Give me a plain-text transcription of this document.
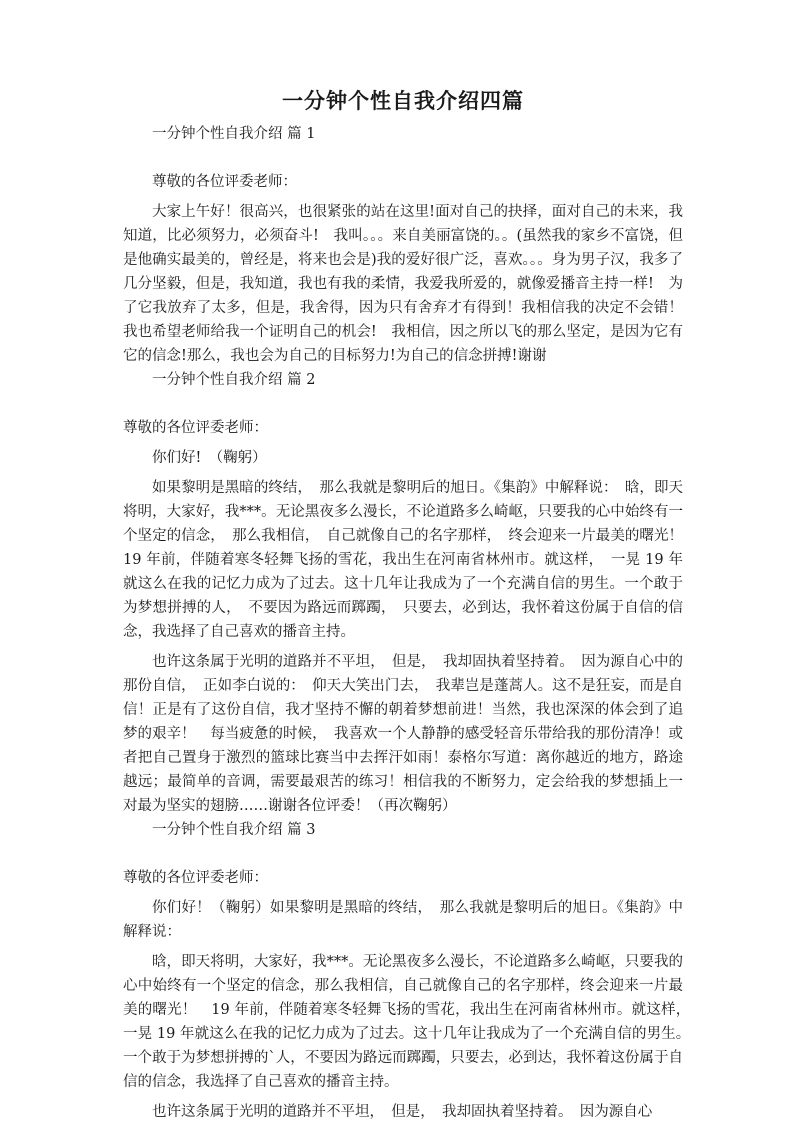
一分钟个性自我介绍四篇

一分钟个性自我介绍 篇 1

尊敬的各位评委老师：

大家上午好！很高兴，也很紧张的站在这里!面对自己的抉择，面对自己的未来，我知道，比必须努力，必须奋斗!　我叫。。。来自美丽富饶的。。(虽然我的家乡不富饶，但是他确实最美的，曾经是，将来也会是)我的爱好很广泛，喜欢。。。身为男子汉，我多了几分坚毅，但是，我知道，我也有我的柔情，我爱我所爱的，就像爱播音主持一样!　为了它我放弃了太多，但是，我舍得，因为只有舍弃才有得到！我相信我的决定不会错！我也希望老师给我一个证明自己的机会!　我相信，因之所以飞的那么坚定，是因为它有它的信念!那么，我也会为自己的目标努力!为自己的信念拼搏!谢谢

一分钟个性自我介绍 篇 2

尊敬的各位评委老师：

你们好!　（鞠躬）

如果黎明是黑暗的终结，　那么我就是黎明后的旭日。《集韵》中解释说：　晗，即天将明，大家好，我***。无论黑夜多么漫长，不论道路多么崎岖，只要我的心中始终有一个坚定的信念，　那么我相信，　自己就像自己的名字那样，　终会迎来一片最美的曙光！　19 年前，伴随着寒冬轻舞飞扬的雪花，我出生在河南省林州市。就这样，　一晃 19 年就这么在我的记忆力成为了过去。这十几年让我成为了一个充满自信的男生。一个敢于为梦想拼搏的人，　不要因为路远而踯躅，　只要去，必到达，我怀着这份属于自信的信念，我选择了自己喜欢的播音主持。

也许这条属于光明的道路并不平坦，　但是，　我却固执着坚持着。　因为源自心中的那份自信，　正如李白说的：　仰天大笑出门去，　我辈岂是蓬蒿人。这不是狂妄，而是自信！正是有了这份自信，我才坚持不懈的朝着梦想前进！当然，我也深深的体会到了追梦的艰辛！　每当疲惫的时候，　我喜欢一个人静静的感受轻音乐带给我的那份清净！或者把自己置身于激烈的篮球比赛当中去挥汗如雨！泰格尔写道：离你越近的地方，路途越远；最简单的音调，需要最艰苦的练习！相信我的不断努力，定会给我的梦想插上一对最为坚实的翅膀……谢谢各位评委！（再次鞠躬）

一分钟个性自我介绍 篇 3

尊敬的各位评委老师：

你们好！（鞠躬）如果黎明是黑暗的终结，　那么我就是黎明后的旭日。《集韵》中解释说：

晗，即天将明，大家好，我***。无论黑夜多么漫长，不论道路多么崎岖，只要我的心中始终有一个坚定的信念，那么我相信，自己就像自己的名字那样，终会迎来一片最美的曙光！　19 年前，伴随着寒冬轻舞飞扬的雪花，我出生在河南省林州市。就这样，　一晃 19 年就这么在我的记忆力成为了过去。这十几年让我成为了一个充满自信的男生。　一个敢于为梦想拼搏的`人，不要因为路远而踯躅，只要去，必到达，我怀着这份属于自信的信念，我选择了自己喜欢的播音主持。

也许这条属于光明的道路并不平坦，　但是，　我却固执着坚持着。　因为源自心
